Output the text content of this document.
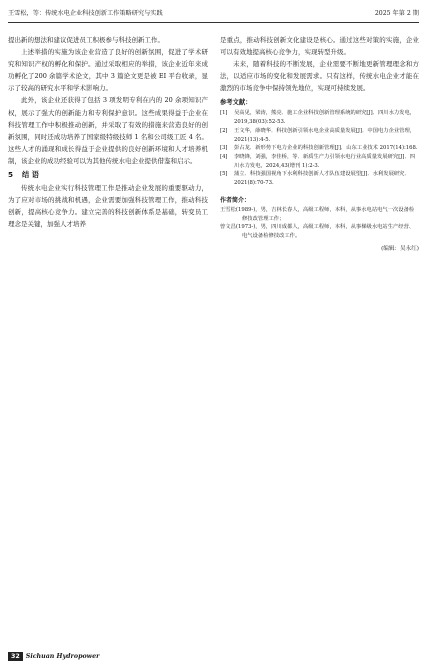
王雪松，等：传统水电企业科技创新工作策略研究与实践	2025 年第 2 期

提出新的想法和建议促进员工积极参与科技创新工作。

上述举措的实施为该企业营造了良好的创新氛围，促进了学术研究和知识产权的孵化和保护。通过采取相应的举措，该企业近年来成功孵化了200 余篇学术论文，其中 3 篇论文更是被 EI 平台收录，显示了较高的研究水平和学术影响力。

此外，该企业还获得了包括 3 项发明专利在内的 20 余项知识产权，展示了强大的创新能力和专利保护意识。这些成果得益于企业在科技管理工作中积极推动创新，并采取了有效的措施来营造良好的创新氛围，同时还成功培养了国家级特级技师 1 名和公司级工匠 4 名。这些人才的涌现和成长得益于企业提供的良好创新环境和人才培养机制，该企业的成功经验可以为其他传统水电企业提供借鉴和启示。

5 结 语

传统水电企业实行科技管理工作是推动企业发展的重要驱动力，为了应对市场的挑战和机遇，企业需要加强科技管理工作，推动科技创新，提高核心竞争力。建立完善的科技创新体系是基础，转变员工理念是关键，加强人才培养

是重点，推动科技创新文化建设是核心。通过这些对策的实施，企业可以有效地提高核心竞争力，实现转型升级。

未来，随着科技的不断发展，企业需要不断地更新管理理念和方法，以适应市场的变化和发展需求。只有这样，传统水电企业才能在激烈的市场竞争中保持领先地位，实现可持续发展。

参考文献：
[1] 吴高见，梁涛，熊亮．施工企业科技创新管理系统的研究[J]．四川水力发电，2019,38(03):52-53.
[2] 王文华，薛晓华．科技创新引领水电企业高质量发展[J]．中国电力企业管理，2021(13):4-5.
[3] 彭占龙．新形势下电力企业的科技创新管理[J]．山东工业技术 2017(14):168.
[4] 李晓锋，刘强，李佳桥，等．新质生产力引领水电行业高质量发展研究[J]．四川水力发电，2024,43(增刊 1):2-3.
[5] 蒲立．科技强国视角下水利科技创新人才队伍建设展望[J]．水利发展研究．2021(8):70-73.
作者简介：
王雪松(1989-)，男，吉林长春人，高级工程师，本科，从事水电站电气一次设备检修技改管理工作；
曾文昌(1973-)，男，四川成都人，高级工程师，本科，从事梯级水电站生产经营、电气设备检修技改工作。
(编辑：吴永红)
32 Sichuan Hydropower
